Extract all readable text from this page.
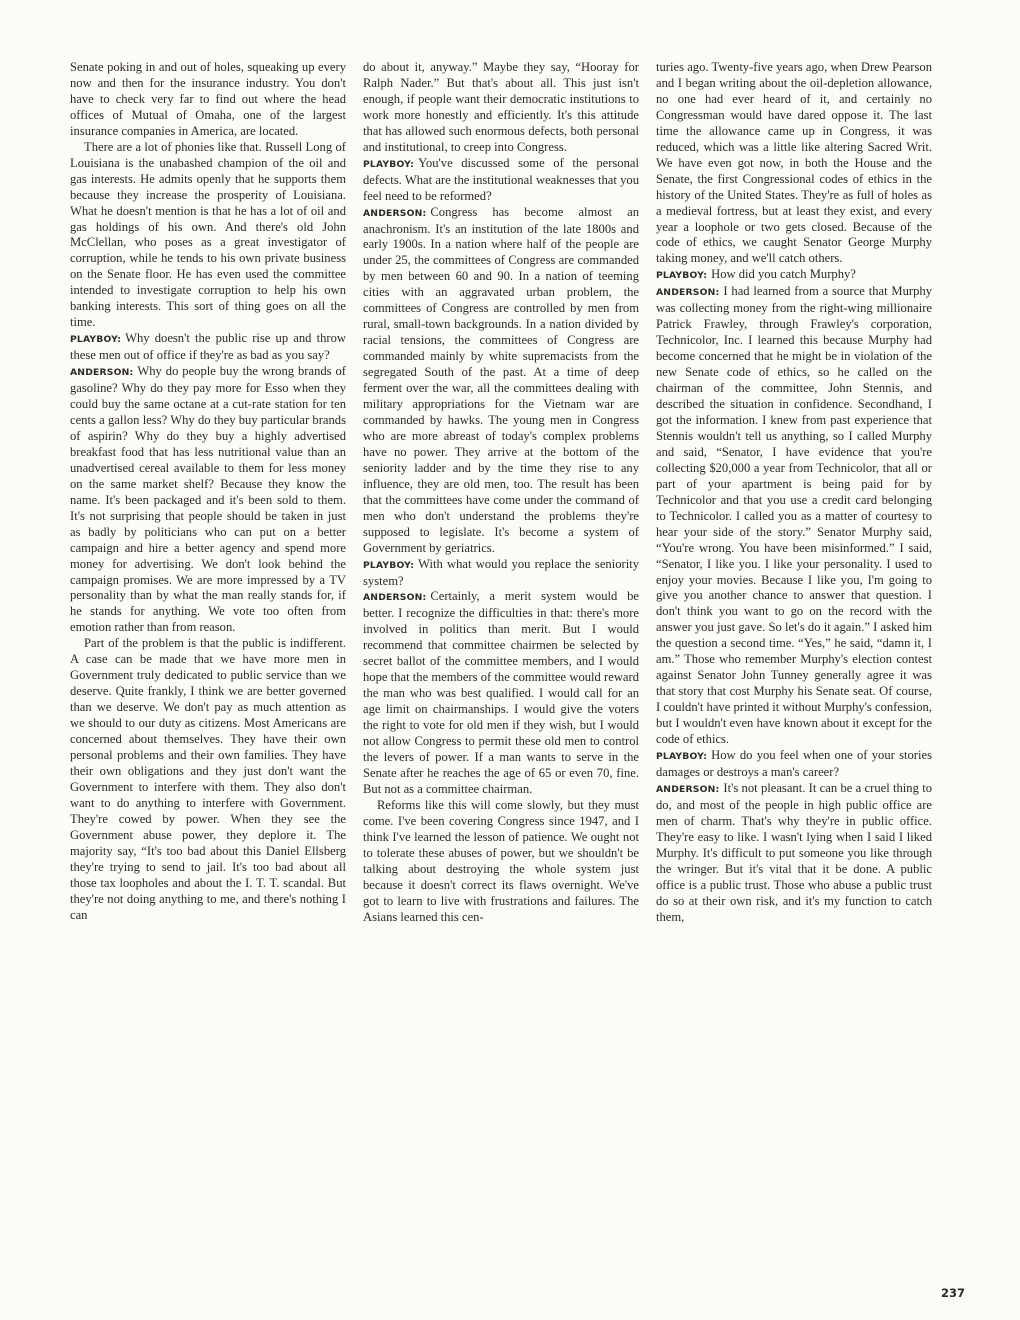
Senate poking in and out of holes, squeaking up every now and then for the insurance industry. You don't have to check very far to find out where the head offices of Mutual of Omaha, one of the largest insurance companies in America, are located.

There are a lot of phonies like that. Russell Long of Louisiana is the unabashed champion of the oil and gas interests. He admits openly that he supports them because they increase the prosperity of Louisiana. What he doesn't mention is that he has a lot of oil and gas holdings of his own. And there's old John McClellan, who poses as a great investigator of corruption, while he tends to his own private business on the Senate floor. He has even used the committee intended to investigate corruption to help his own banking interests. This sort of thing goes on all the time.

PLAYBOY: Why doesn't the public rise up and throw these men out of office if they're as bad as you say?

ANDERSON: Why do people buy the wrong brands of gasoline? Why do they pay more for Esso when they could buy the same octane at a cut-rate station for ten cents a gallon less? Why do they buy particular brands of aspirin? Why do they buy a highly advertised breakfast food that has less nutritional value than an unadvertised cereal available to them for less money on the same market shelf? Because they know the name. It's been packaged and it's been sold to them. It's not surprising that people should be taken in just as badly by politicians who can put on a better campaign and hire a better agency and spend more money for advertising. We don't look behind the campaign promises. We are more impressed by a TV personality than by what the man really stands for, if he stands for anything. We vote too often from emotion rather than from reason.

Part of the problem is that the public is indifferent. A case can be made that we have more men in Government truly dedicated to public service than we deserve. Quite frankly, I think we are better governed than we deserve. We don't pay as much attention as we should to our duty as citizens. Most Americans are concerned about themselves. They have their own personal problems and their own families. They have their own obligations and they just don't want the Government to interfere with them. They also don't want to do anything to interfere with Government. They're cowed by power. When they see the Government abuse power, they deplore it. The majority say, “It's too bad about this Daniel Ellsberg they're trying to send to jail. It's too bad about all those tax loopholes and about the I. T. T. scandal. But they're not doing anything to me, and there's nothing I can

do about it, anyway.” Maybe they say, “Hooray for Ralph Nader.” But that's about all. This just isn't enough, if people want their democratic institutions to work more honestly and efficiently. It's this attitude that has allowed such enormous defects, both personal and institutional, to creep into Congress.

PLAYBOY: You've discussed some of the personal defects. What are the institutional weaknesses that you feel need to be reformed?

ANDERSON: Congress has become almost an anachronism. It's an institution of the late 1800s and early 1900s. In a nation where half of the people are under 25, the committees of Congress are commanded by men between 60 and 90. In a nation of teeming cities with an aggravated urban problem, the committees of Congress are controlled by men from rural, small-town backgrounds. In a nation divided by racial tensions, the committees of Congress are commanded mainly by white supremacists from the segregated South of the past. At a time of deep ferment over the war, all the committees dealing with military appropriations for the Vietnam war are commanded by hawks. The young men in Congress who are more abreast of today's complex problems have no power. They arrive at the bottom of the seniority ladder and by the time they rise to any influence, they are old men, too. The result has been that the committees have come under the command of men who don't understand the problems they're supposed to legislate. It's become a system of Government by geriatrics.

PLAYBOY: With what would you replace the seniority system?

ANDERSON: Certainly, a merit system would be better. I recognize the difficulties in that: there's more involved in politics than merit. But I would recommend that committee chairmen be selected by secret ballot of the committee members, and I would hope that the members of the committee would reward the man who was best qualified. I would call for an age limit on chairmanships. I would give the voters the right to vote for old men if they wish, but I would not allow Congress to permit these old men to control the levers of power. If a man wants to serve in the Senate after he reaches the age of 65 or even 70, fine. But not as a committee chairman.

Reforms like this will come slowly, but they must come. I've been covering Congress since 1947, and I think I've learned the lesson of patience. We ought not to tolerate these abuses of power, but we shouldn't be talking about destroying the whole system just because it doesn't correct its flaws overnight. We've got to learn to live with frustrations and failures. The Asians learned this cen-

turies ago. Twenty-five years ago, when Drew Pearson and I began writing about the oil-depletion allowance, no one had ever heard of it, and certainly no Congressman would have dared oppose it. The last time the allowance came up in Congress, it was reduced, which was a little like altering Sacred Writ. We have even got now, in both the House and the Senate, the first Congressional codes of ethics in the history of the United States. They're as full of holes as a medieval fortress, but at least they exist, and every year a loophole or two gets closed. Because of the code of ethics, we caught Senator George Murphy taking money, and we'll catch others.

PLAYBOY: How did you catch Murphy?

ANDERSON: I had learned from a source that Murphy was collecting money from the right-wing millionaire Patrick Frawley, through Frawley's corporation, Technicolor, Inc. I learned this because Murphy had become concerned that he might be in violation of the new Senate code of ethics, so he called on the chairman of the committee, John Stennis, and described the situation in confidence. Secondhand, I got the information. I knew from past experience that Stennis wouldn't tell us anything, so I called Murphy and said, “Senator, I have evidence that you're collecting $20,000 a year from Technicolor, that all or part of your apartment is being paid for by Technicolor and that you use a credit card belonging to Technicolor. I called you as a matter of courtesy to hear your side of the story.” Senator Murphy said, “You're wrong. You have been misinformed.” I said, “Senator, I like you. I like your personality. I used to enjoy your movies. Because I like you, I'm going to give you another chance to answer that question. I don't think you want to go on the record with the answer you just gave. So let's do it again.” I asked him the question a second time. “Yes,” he said, “damn it, I am.” Those who remember Murphy's election contest against Senator John Tunney generally agree it was that story that cost Murphy his Senate seat. Of course, I couldn't have printed it without Murphy's confession, but I wouldn't even have known about it except for the code of ethics.

PLAYBOY: How do you feel when one of your stories damages or destroys a man's career?

ANDERSON: It's not pleasant. It can be a cruel thing to do, and most of the people in high public office are men of charm. That's why they're in public office. They're easy to like. I wasn't lying when I said I liked Murphy. It's difficult to put someone you like through the wringer. But it's vital that it be done. A public office is a public trust. Those who abuse a public trust do so at their own risk, and it's my function to catch them,

237
